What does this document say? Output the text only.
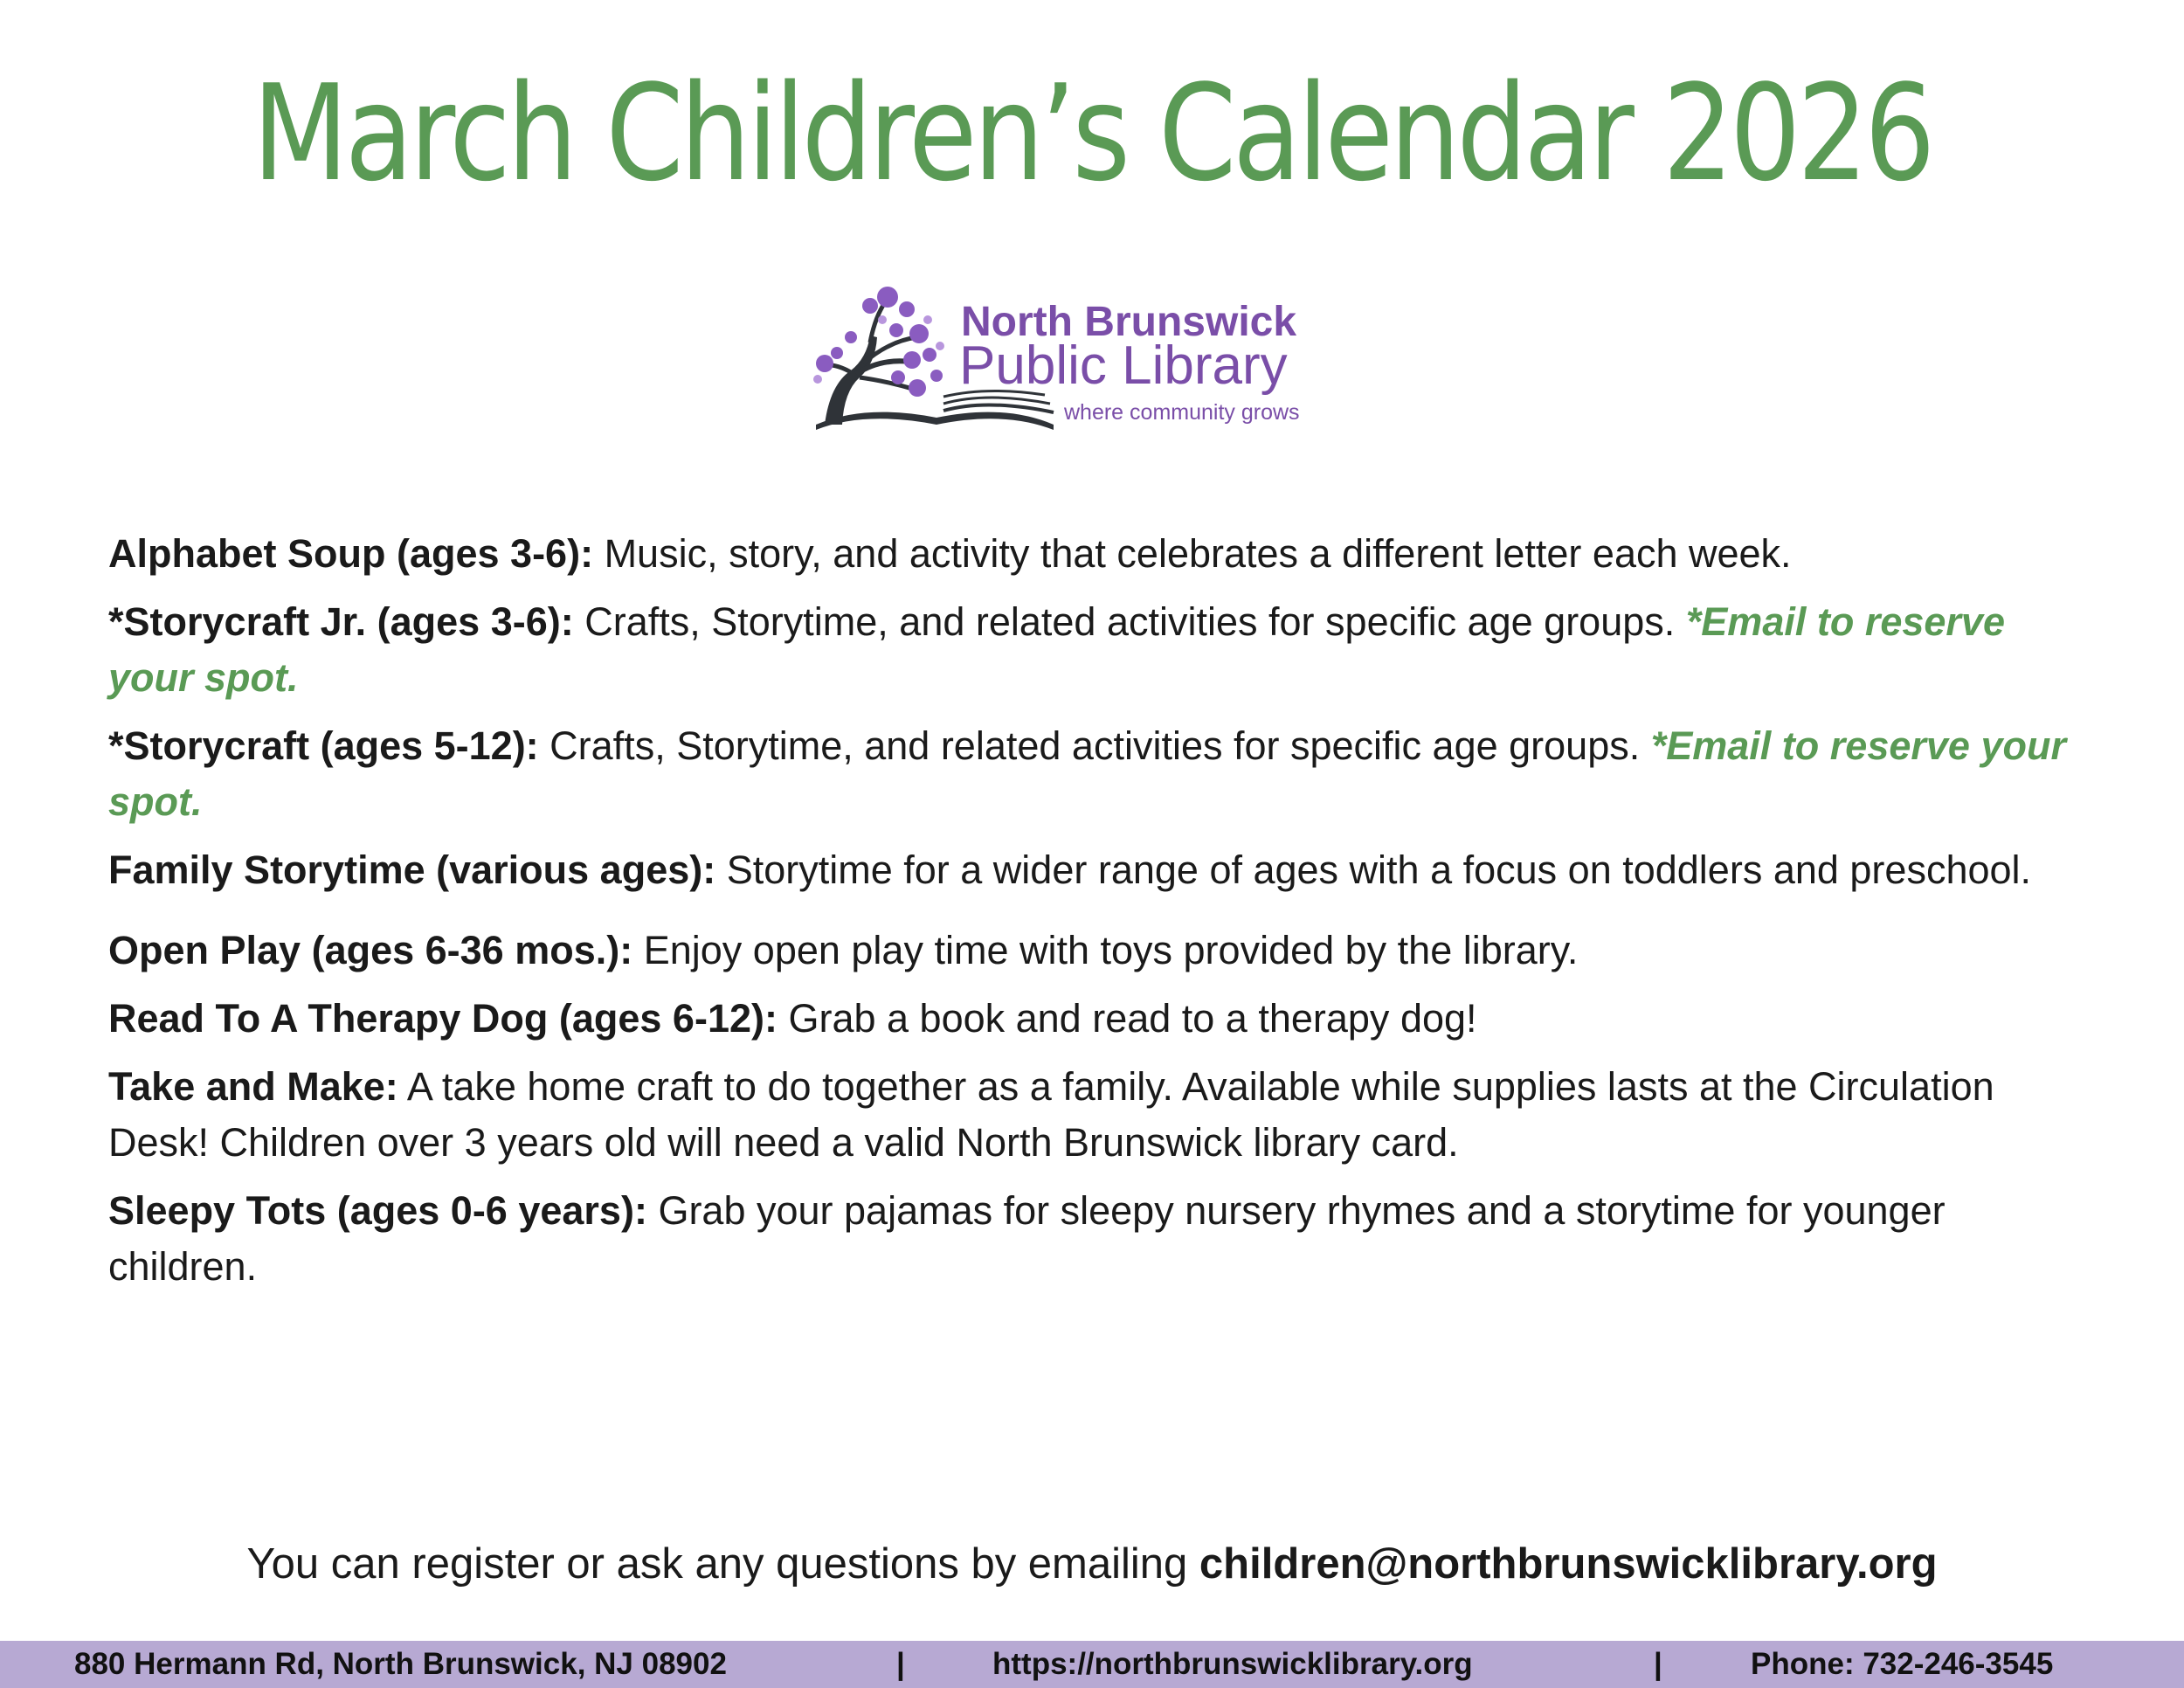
March Children’s Calendar 2026
North Brunswick
Public Library
where community grows

Alphabet Soup (ages 3-6): Music, story, and activity that celebrates a different letter each week.

*Storycraft Jr. (ages 3-6): Crafts, Storytime, and related activities for specific age groups. *Email to reserve your spot.

*Storycraft (ages 5-12): Crafts, Storytime, and related activities for specific age groups. *Email to reserve your spot.

Family Storytime (various ages): Storytime for a wider range of ages with a focus on toddlers and preschool.

Open Play (ages 6-36 mos.): Enjoy open play time with toys provided by the library.

Read To A Therapy Dog (ages 6-12): Grab a book and read to a therapy dog!

Take and Make: A take home craft to do together as a family. Available while supplies lasts at the Circulation Desk! Children over 3 years old will need a valid North Brunswick library card.

Sleepy Tots (ages 0-6 years): Grab your pajamas for sleepy nursery rhymes and a storytime for younger children.

You can register or ask any questions by emailing children@northbrunswicklibrary.org
880 Hermann Rd, North Brunswick, NJ 08902	|	https://northbrunswicklibrary.org	|	Phone: 732-246-3545
